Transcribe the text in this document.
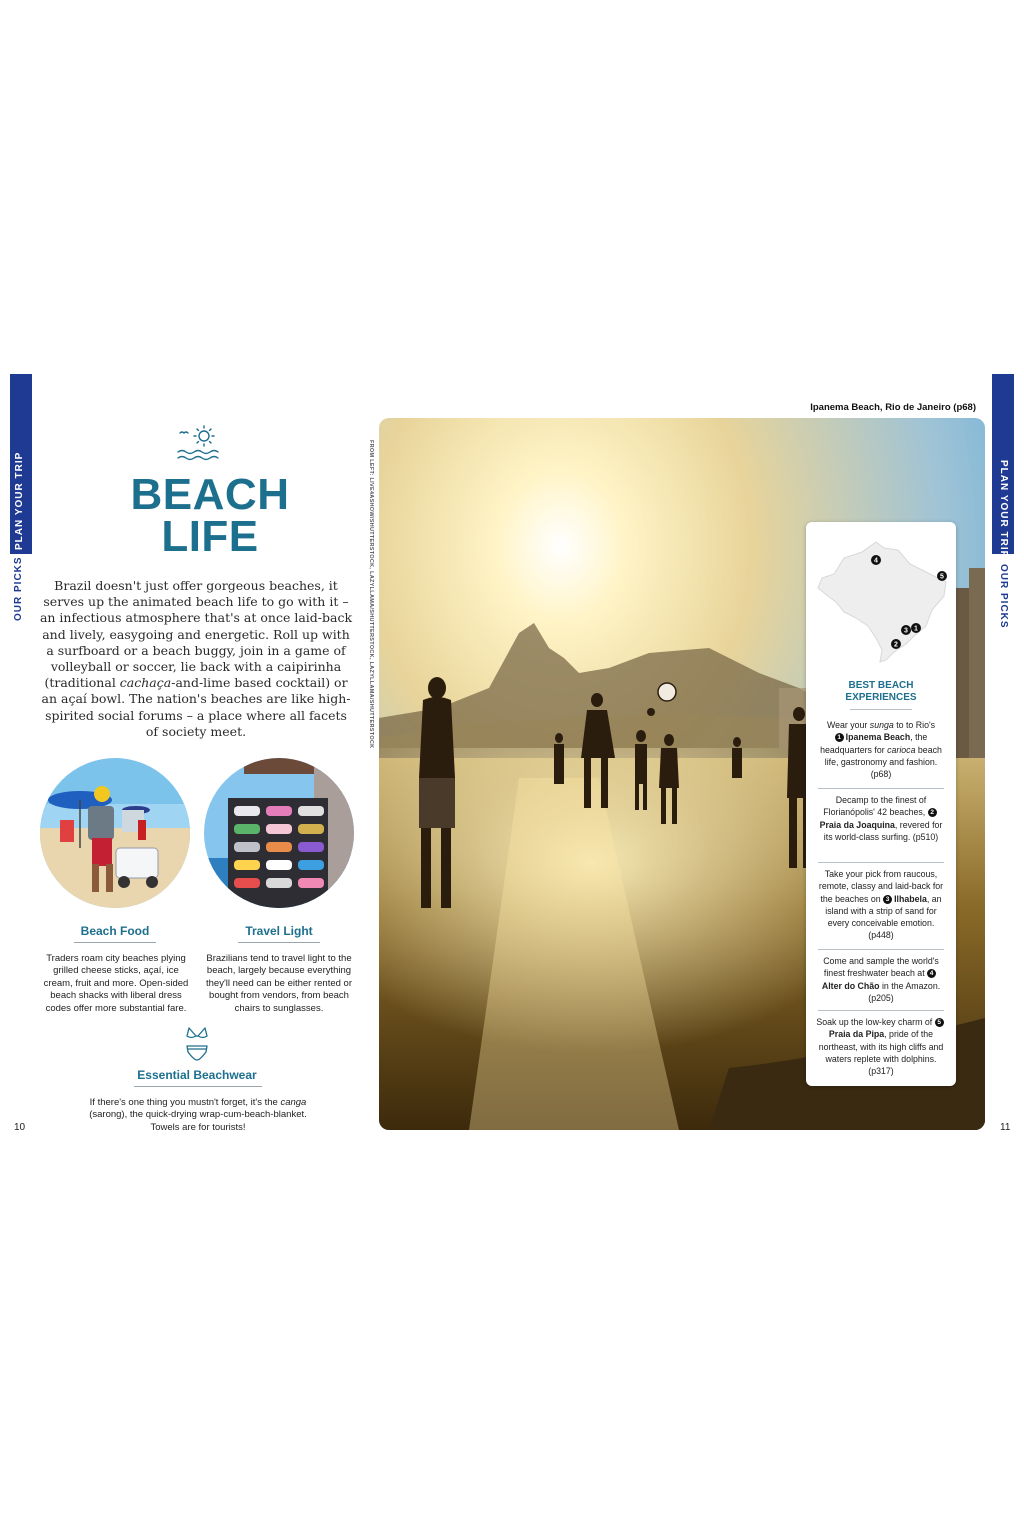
PLAN YOUR TRIP
OUR PICKS
BEACH
LIFE

Brazil doesn't just offer gorgeous beaches, it serves up the animated beach life to go with it – an infectious atmosphere that's at once laid-back and lively, easygoing and energetic. Roll up with a surfboard or a beach buggy, join in a game of volleyball or soccer, lie back with a caipirinha (traditional cachaça-and-lime based cocktail) or an açaí bowl. The nation's beaches are like high-spirited social forums – a place where all facets of society meet.

Beach Food

Traders roam city beaches plying grilled cheese sticks, açaí, ice cream, fruit and more. Open-sided beach shacks with liberal dress codes offer more substantial fare.

Travel Light

Brazilians tend to travel light to the beach, largely because everything they'll need can be either rented or bought from vendors, from beach chairs to sunglasses.

Essential Beachwear

If there's one thing you mustn't forget, it's the canga (sarong), the quick-drying wrap-cum-beach-blanket. Towels are for tourists!

10
Ipanema Beach, Rio de Janeiro (p68)
FROM LEFT: LIVE4ASHOW/SHUTTERSTOCK, LAZYLLAMA/SHUTTERSTOCK, LAZYLLAMA/SHUTTERSTOCK	1
2
3
4
5
BEST BEACH
EXPERIENCES

Wear your sunga to to Rio's
1 Ipanema Beach, the headquarters for carioca beach life, gastronomy and fashion. (p68)

Decamp to the finest of Florianópolis' 42 beaches, 2Praia da Joaquina, revered for its world-class surfing. (p510)

Take your pick from raucous, remote, classy and laid-back for the beaches on 3 Ilhabela, an island with a strip of sand for every conceivable emotion. (p448)

Come and sample the world's finest freshwater beach at 4Alter do Chão in the Amazon. (p205)

Soak up the low-key charm of 5Praia da Pipa, pride of the northeast, with its high cliffs and waters replete with dolphins. (p317)

PLAN YOUR TRIP
OUR PICKS
11
